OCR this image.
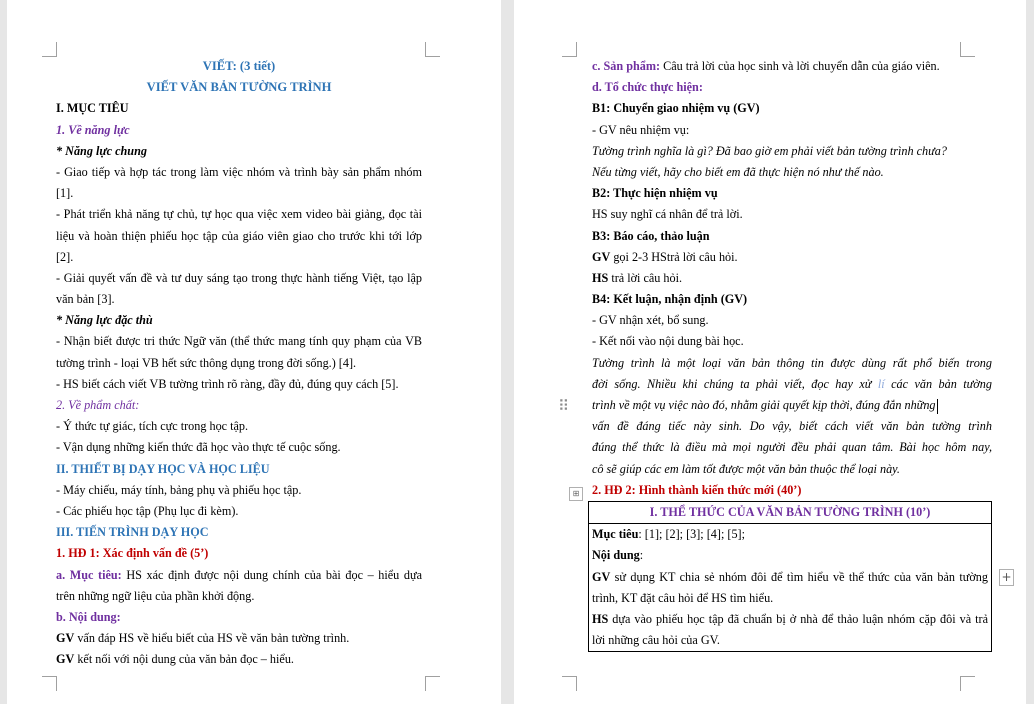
VIẾT: (3 tiết)
VIẾT VĂN BẢN TƯỜNG TRÌNH
I. MỤC TIÊU
1. Về năng lực
* Năng lực chung
- Giao tiếp và hợp tác trong làm việc nhóm và trình bày sản phẩm nhóm
[1].
- Phát triển khả năng tự chủ, tự học qua việc xem video bài giảng, đọc tài
liệu và hoàn thiện phiếu học tập của giáo viên giao cho trước khi tới lớp
[2].
- Giải quyết vấn đề và tư duy sáng tạo trong thực hành tiếng Việt, tạo lập
văn bản [3].
* Năng lực đặc thù
- Nhận biết được tri thức Ngữ văn (thể thức mang tính quy phạm của VB
tường trình - loại VB hết sức thông dụng trong đời sống.) [4].
- HS biết cách viết VB tường trình rõ ràng, đầy đủ, đúng quy cách [5].
2. Về phẩm chất:
- Ý thức tự giác, tích cực trong học tập.
- Vận dụng những kiến thức đã học vào thực tế cuộc sống.
II. THIẾT BỊ DẠY HỌC VÀ HỌC LIỆU
- Máy chiếu, máy tính, bảng phụ và phiếu học tập.
- Các phiếu học tập (Phụ lục đi kèm).
III. TIẾN TRÌNH DẠY HỌC
1. HĐ 1: Xác định vấn đề (5’)
a. Mục tiêu: HS xác định được nội dung chính của bài đọc – hiểu dựa
trên những ngữ liệu của phần khởi động.
b. Nội dung:
GV vấn đáp HS về hiểu biết của HS về văn bản tường trình.
GV kết nối với nội dung của văn bản đọc – hiểu.
⠿
⊞
+
c. Sản phẩm: Câu trả lời của học sinh và lời chuyển dẫn của giáo viên.
d. Tổ chức thực hiện:
B1: Chuyển giao nhiệm vụ (GV)
- GV nêu nhiệm vụ:
Tường trình nghĩa là gì? Đã bao giờ em phải viết bản tường trình chưa?
Nếu từng viết, hãy cho biết em đã thực hiện nó như thế nào.
B2: Thực hiện nhiệm vụ
HS suy nghĩ cá nhân để trả lời.
B3: Báo cáo, thảo luận
GV gọi 2-3 HStrả lời câu hỏi.
HS trả lời câu hỏi.
B4: Kết luận, nhận định (GV)
- GV nhận xét, bổ sung.
- Kết nối vào nội dung bài học.
Tường trình là một loại văn bản thông tin được dùng rất phổ biến trong
đời sống. Nhiều khi chúng ta phải viết, đọc hay xử lí các văn bản tường
trình về một vụ việc nào đó, nhằm giải quyết kịp thời, đúng đắn những
vấn đề đáng tiếc này sinh. Do vậy, biết cách viết văn bản tường trình
đúng thể thức là điều mà mọi người đều phải quan tâm. Bài học hôm nay,
cô sẽ giúp các em làm tốt được một văn bản thuộc thể loại này.
2. HĐ 2: Hình thành kiến thức mới (40’)
I. THỂ THỨC CỦA VĂN BẢN TƯỜNG TRÌNH (10’)

Mục tiêu: [1]; [2]; [3]; [4]; [5];
Nội dung:
GV sử dụng KT chia sẻ nhóm đôi để tìm hiểu về thể thức của văn bản tường
trình, KT đặt câu hỏi để HS tìm hiểu.
HS dựa vào phiếu học tập đã chuẩn bị ở nhà để thảo luận nhóm cặp đôi và trả
lời những câu hỏi của GV.
